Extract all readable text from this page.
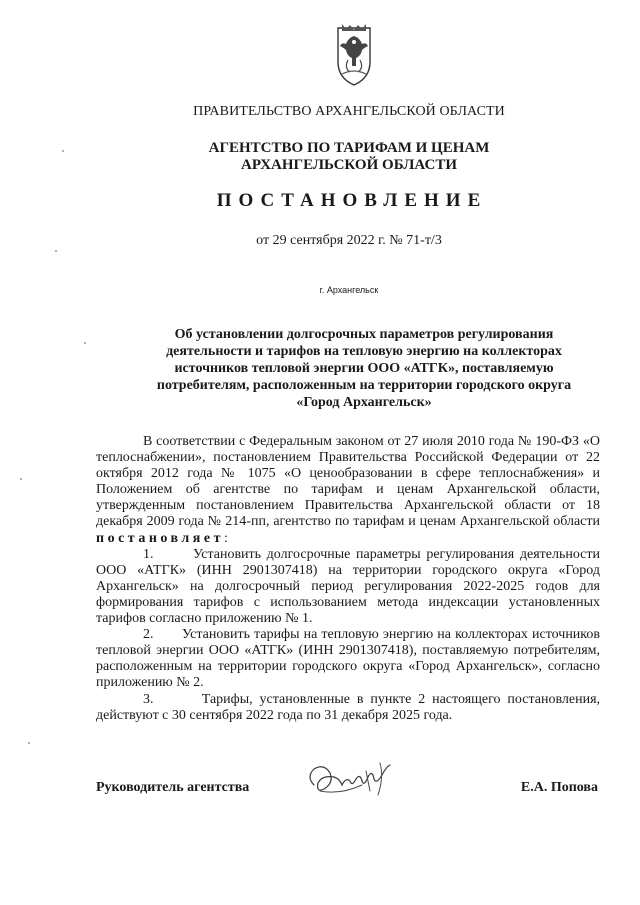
ПРАВИТЕЛЬСТВО АРХАНГЕЛЬСКОЙ ОБЛАСТИ
АГЕНТСТВО ПО ТАРИФАМ И ЦЕНАМ
АРХАНГЕЛЬСКОЙ ОБЛАСТИ
ПОСТАНОВЛЕНИЕ
от 29 сентября 2022 г. № 71-т/3
г. Архангельск
Об установлении долгосрочных параметров регулирования деятельности и тарифов на тепловую энергию на коллекторах источников тепловой энергии ООО «АТГК», поставляемую потребителям, расположенным на территории городского округа «Город Архангельск»

В соответствии с Федеральным законом от 27 июля 2010 года № 190-ФЗ «О теплоснабжении», постановлением Правительства Российской Федерации от 22 октября 2012 года № 1075 «О ценообразовании в сфере теплоснабжения» и Положением об агентстве по тарифам и ценам Архангельской области, утвержденным постановлением Правительства Архангельской области от 18 декабря 2009 года № 214-пп, агентство по тарифам и ценам Архангельской области постановляет:

1.	Установить долгосрочные параметры регулирования деятельности ООО «АТГК» (ИНН 2901307418) на территории городского округа «Город Архангельск» на долгосрочный период регулирования 2022-2025 годов для формирования тарифов с использованием метода индексации установленных тарифов согласно приложению № 1.

2. Установить тарифы на тепловую энергию на коллекторах источников тепловой энергии ООО «АТГК» (ИНН 2901307418), поставляемую потребителям, расположенным на территории городского округа «Город Архангельск», согласно приложению № 2.

3.	Тарифы, установленные в пункте 2 настоящего постановления, действуют с 30 сентября 2022 года по 31 декабря 2025 года.

Руководитель агентства	Е.А. Попова
